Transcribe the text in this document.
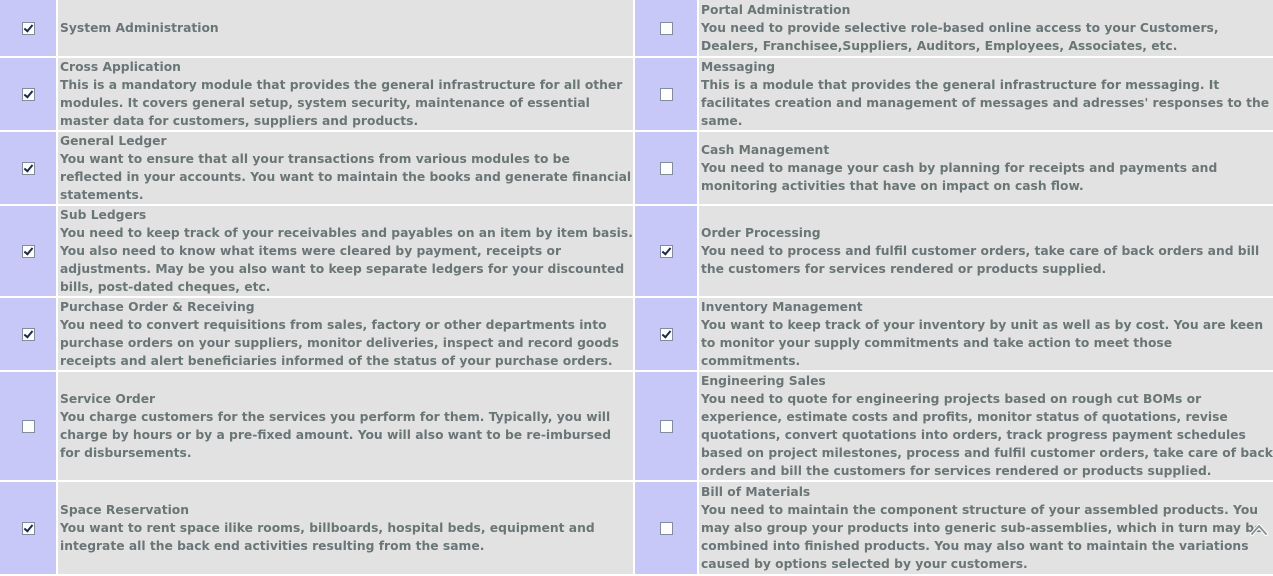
	System Administration		Portal Administration
You need to provide selective role-based online access to your Customers, Dealers, Franchisee,Suppliers, Auditors, Employees, Associates, etc.

	Cross Application
This is a mandatory module that provides the general infrastructure for all other modules. It covers general setup, system security, maintenance of essential master data for customers, suppliers and products.		Messaging
This is a module that provides the general infrastructure for messaging. It facilitates creation and management of messages and adresses' responses to the same.

	General Ledger
You want to ensure that all your transactions from various modules to be reflected in your accounts. You want to maintain the books and generate financial statements.		Cash Management
You need to manage your cash by planning for receipts and payments and monitoring activities that have on impact on cash flow.

	Sub Ledgers
You need to keep track of your receivables and payables on an item by item basis. You also need to know what items were cleared by payment, receipts or adjustments. May be you also want to keep separate ledgers for your discounted bills, post-dated cheques, etc.		Order Processing
You need to process and fulfil customer orders, take care of back orders and bill the customers for services rendered or products supplied.

	Purchase Order & Receiving
You need to convert requisitions from sales, factory or other departments into purchase orders on your suppliers, monitor deliveries, inspect and record goods receipts and alert beneficiaries informed of the status of your purchase orders.		Inventory Management
You want to keep track of your inventory by unit as well as by cost. You are keen to monitor your supply commitments and take action to meet those commitments.

	Service Order
You charge customers for the services you perform for them. Typically, you will charge by hours or by a pre-fixed amount. You will also want to be re-imbursed for disbursements.		Engineering Sales
You need to quote for engineering projects based on rough cut BOMs or experience, estimate costs and profits, monitor status of quotations, revise quotations, convert quotations into orders, track progress payment schedules based on project milestones, process and fulfil customer orders, take care of back orders and bill the customers for services rendered or products supplied.

	Space Reservation
You want to rent space ilike rooms, billboards, hospital beds, equipment and integrate all the back end activities resulting from the same.		Bill of Materials
You need to maintain the component structure of your assembled products. You may also group your products into generic sub-assemblies, which in turn may be combined into finished products. You may also want to maintain the variations caused by options selected by your customers.
